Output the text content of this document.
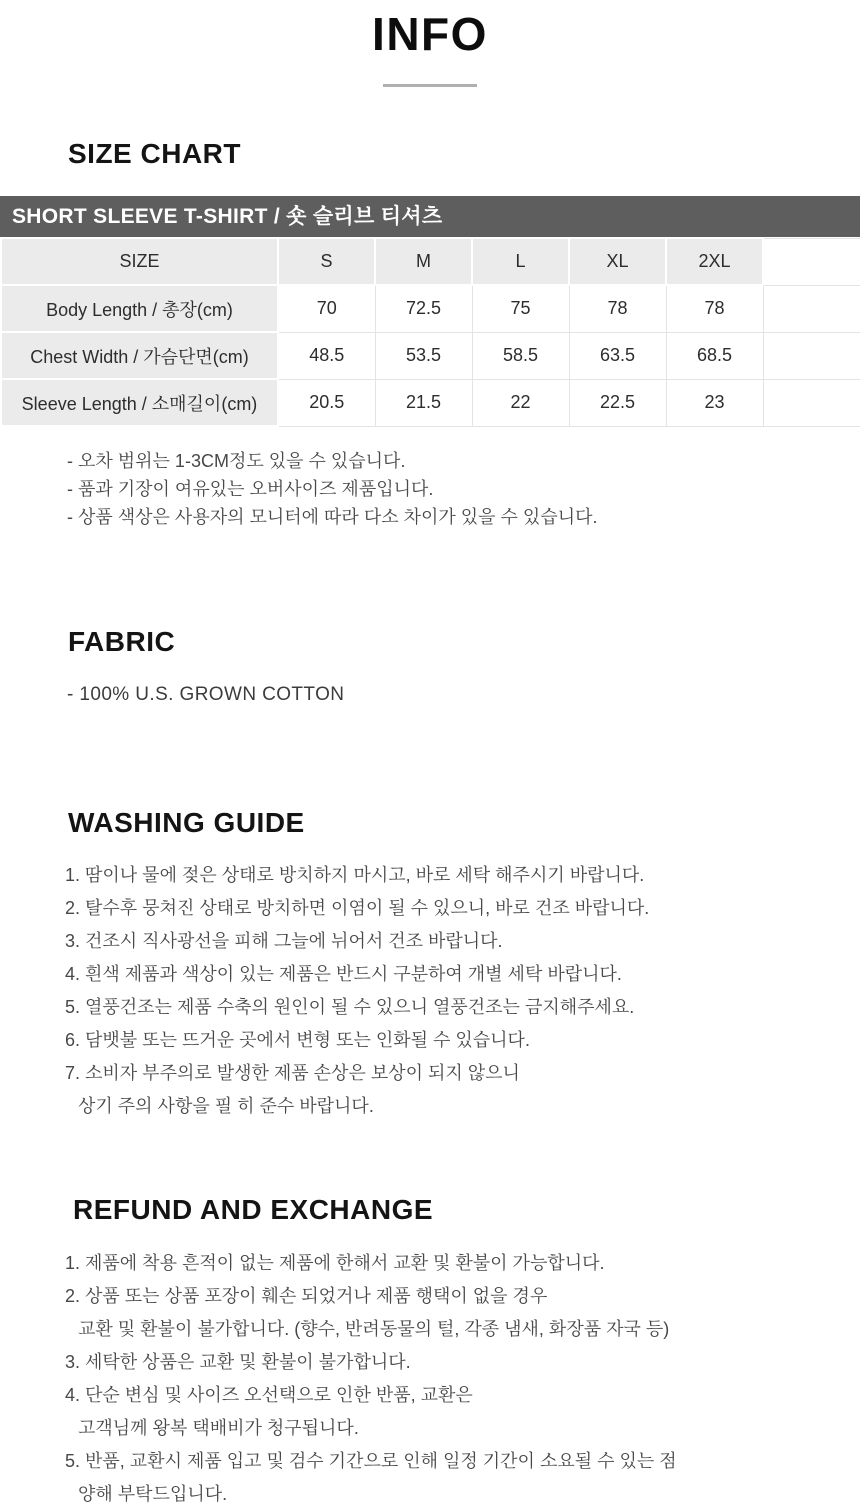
INFO
SIZE CHART
SHORT SLEEVE T-SHIRT / 숏 슬리브 티셔츠
SIZE	S	M	L	XL	2XL	
Body Length / 총장(cm)	70	72.5	75	78	78	
Chest Width / 가슴단면(cm)	48.5	53.5	58.5	63.5	68.5	
Sleeve Length / 소매길이(cm)	20.5	21.5	22	22.5	23	
- 오차 범위는 1-3CM정도 있을 수 있습니다.
- 품과 기장이 여유있는 오버사이즈 제품입니다.
- 상품 색상은 사용자의 모니터에 따라 다소 차이가 있을 수 있습니다.
FABRIC
- 100% U.S. GROWN COTTON
WASHING GUIDE
1. 땀이나 물에 젖은 상태로 방치하지 마시고, 바로 세탁 해주시기 바랍니다.
2. 탈수후 뭉쳐진 상태로 방치하면 이염이 될 수 있으니, 바로 건조 바랍니다.
3. 건조시 직사광선을 피해 그늘에 뉘어서 건조 바랍니다.
4. 흰색 제품과 색상이 있는 제품은 반드시 구분하여 개별 세탁 바랍니다.
5. 열풍건조는 제품 수축의 원인이 될 수 있으니 열풍건조는 금지해주세요.
6. 담뱃불 또는 뜨거운 곳에서 변형 또는 인화될 수 있습니다.
7. 소비자 부주의로 발생한 제품 손상은 보상이 되지 않으니
상기 주의 사항을 필 히 준수 바랍니다.
REFUND AND EXCHANGE
1. 제품에 착용 흔적이 없는 제품에 한해서 교환 및 환불이 가능합니다.
2. 상품 또는 상품 포장이 훼손 되었거나 제품 행택이 없을 경우
교환 및 환불이 불가합니다. (향수, 반려동물의 털, 각종 냄새, 화장품 자국 등)
3. 세탁한 상품은 교환 및 환불이 불가합니다.
4. 단순 변심 및 사이즈 오선택으로 인한 반품, 교환은
고객님께 왕복 택배비가 청구됩니다.
5. 반품, 교환시 제품 입고 및 검수 기간으로 인해 일정 기간이 소요될 수 있는 점
양해 부탁드입니다.
